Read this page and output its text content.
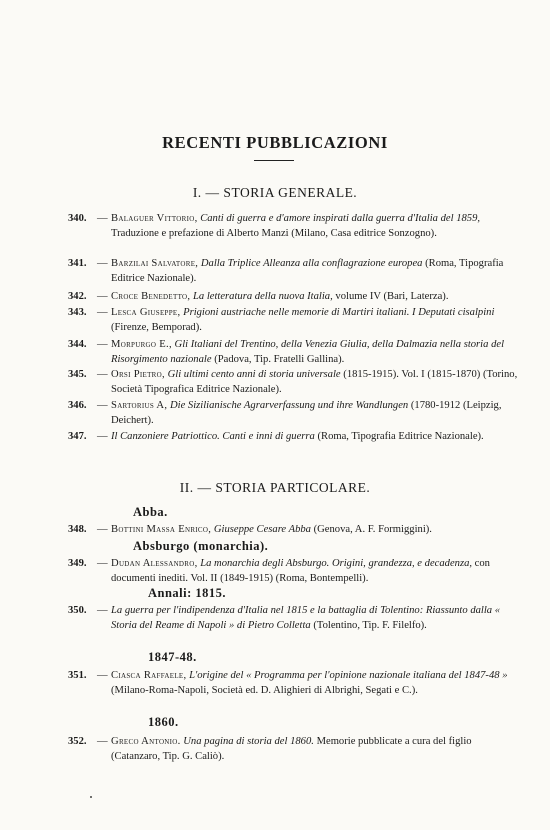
RECENTI PUBBLICAZIONI
I. — STORIA GENERALE.
340. — Balaguer Vittorio, Canti di guerra e d'amore inspirati dalla guerra d'Italia del 1859, Traduzione e prefazione di Alberto Manzi (Milano, Casa editrice Sonzogno).
341. — Barzilai Salvatore, Dalla Triplice Alleanza alla conflagrazione europea (Roma, Tipografia Editrice Nazionale).
342. — Croce Benedetto, La letteratura della nuova Italia, volume IV (Bari, Laterza).
343. — Lesca Giuseppe, Prigioni austriache nelle memorie di Martiri italiani. I Deputati cisalpini (Firenze, Bemporad).
344. — Morpurgo E., Gli Italiani del Trentino, della Venezia Giulia, della Dalmazia nella storia del Risorgimento nazionale (Padova, Tip. Fratelli Gallina).
345. — Orsi Pietro, Gli ultimi cento anni di storia universale (1815-1915). Vol. I (1815-1870) (Torino, Società Tipografica Editrice Nazionale).
346. — Sartorius A, Die Sizilianische Agrarverfassung und ihre Wandlungen (1780-1912 (Leipzig, Deichert).
347. — Il Canzoniere Patriottico. Canti e inni di guerra (Roma, Tipografia Editrice Nazionale).
II. — STORIA PARTICOLARE.
Abba.
348. — Bottini Massa Enrico, Giuseppe Cesare Abba (Genova, A. F. Formiggini).
Absburgo (monarchia).
349. — Dudan Alessandro, La monarchia degli Absburgo. Origini, grandezza, e decadenza, con documenti inediti. Vol. II (1849-1915) (Roma, Bontempelli).
Annali: 1815.
350. — La guerra per l'indipendenza d'Italia nel 1815 e la battaglia di Tolentino: Riassunto dalla « Storia del Reame di Napoli » di Pietro Colletta (Tolentino, Tip. F. Filelfo).
1847-48.
351. — Ciasca Raffaele, L'origine del « Programma per l'opinione nazionale italiana del 1847-48 » (Milano-Roma-Napoli, Società ed. D. Alighieri di Albrighi, Segati e C.).
1860.
352. — Greco Antonio. Una pagina di storia del 1860. Memorie pubblicate a cura del figlio (Catanzaro, Tip. G. Caliò).
